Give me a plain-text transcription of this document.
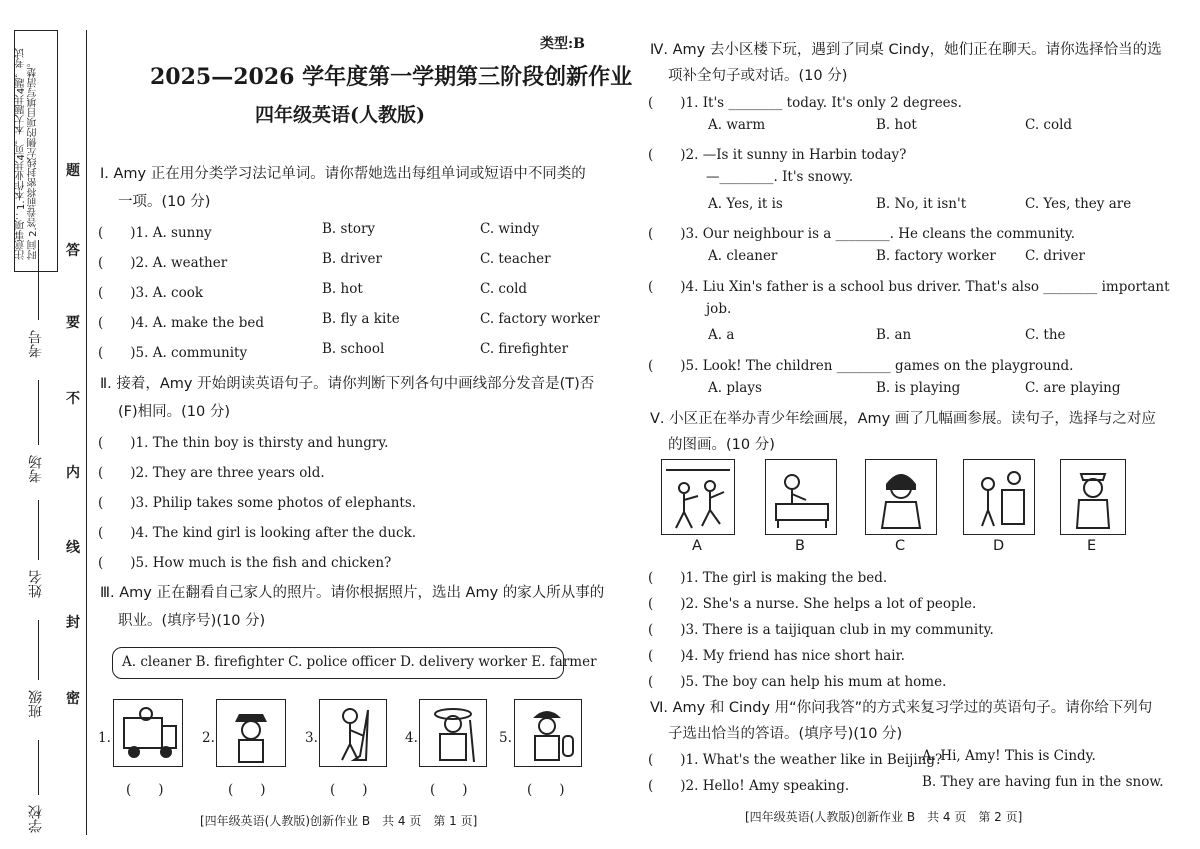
注意事项：1.本作业共4页，本大题共4题，考试时间 2.答卷前将密封线左侧的项目填写清楚。	题
答
要
不
内
线
封
密
考号
考场
姓名
班级
学校
类型:B
2025—2026 学年度第一学期第三阶段创新作业
四年级英语(人教版)
Ⅰ. Amy 正在用分类学习法记单词。请你帮她选出每组单词或短语中不同类的
一项。(10 分)
(　　)1. A. sunny	B. story	C. windy
(　　)2. A. weather	B. driver	C. teacher
(　　)3. A. cook	B. hot	C. cold
(　　)4. A. make the bed	B. fly a kite	C. factory worker
(　　)5. A. community	B. school	C. firefighter
Ⅱ. 接着，Amy 开始朗读英语句子。请你判断下列各句中画线部分发音是(T)否
(F)相同。(10 分)
(　　)1. The thin boy is thirsty and hungry.
(　　)2. They are three years old.
(　　)3. Philip takes some photos of elephants.
(　　)4. The kind girl is looking after the duck.
(　　)5. How much is the fish and chicken?
Ⅲ. Amy 正在翻看自己家人的照片。请你根据照片，选出 Amy 的家人所从事的
职业。(填序号)(10 分)
A. cleaner B. firefighter C. police officer D. delivery worker E. farmer
1.	2.	3.	4.	5.
(　　)	(　　)	(　　)	(　　)	(　　)
[四年级英语(人教版)创新作业 B　共 4 页　第 1 页]
Ⅳ. Amy 去小区楼下玩，遇到了同桌 Cindy，她们正在聊天。请你选择恰当的选
项补全句子或对话。(10 分)
(　　)1. It's ________ today. It's only 2 degrees.
A. warm	B. hot	C. cold
(　　)2. —Is it sunny in Harbin today?
—________. It's snowy.
A. Yes, it is	B. No, it isn't	C. Yes, they are
(　　)3. Our neighbour is a ________. He cleans the community.
A. cleaner	B. factory worker C. driver
(　　)4. Liu Xin's father is a school bus driver. That's also ________ important
job.
A. a	B. an	C. the
(　　)5. Look! The children ________ games on the playground.
A. plays	B. is playing	C. are playing
Ⅴ. 小区正在举办青少年绘画展，Amy 画了几幅画参展。读句子，选择与之对应
的图画。(10 分)
A	B	C	D	E
(　　)1. The girl is making the bed.
(　　)2. She's a nurse. She helps a lot of people.
(　　)3. There is a taijiquan club in my community.
(　　)4. My friend has nice short hair.
(　　)5. The boy can help his mum at home.
Ⅵ. Amy 和 Cindy 用“你问我答”的方式来复习学过的英语句子。请你给下列句
子选出恰当的答语。(填序号)(10 分)
(　　)1. What's the weather like in Beijing?
A. Hi, Amy! This is Cindy.
(　　)2. Hello! Amy speaking.	B. They are having fun in the snow.
[四年级英语(人教版)创新作业 B　共 4 页　第 2 页]
